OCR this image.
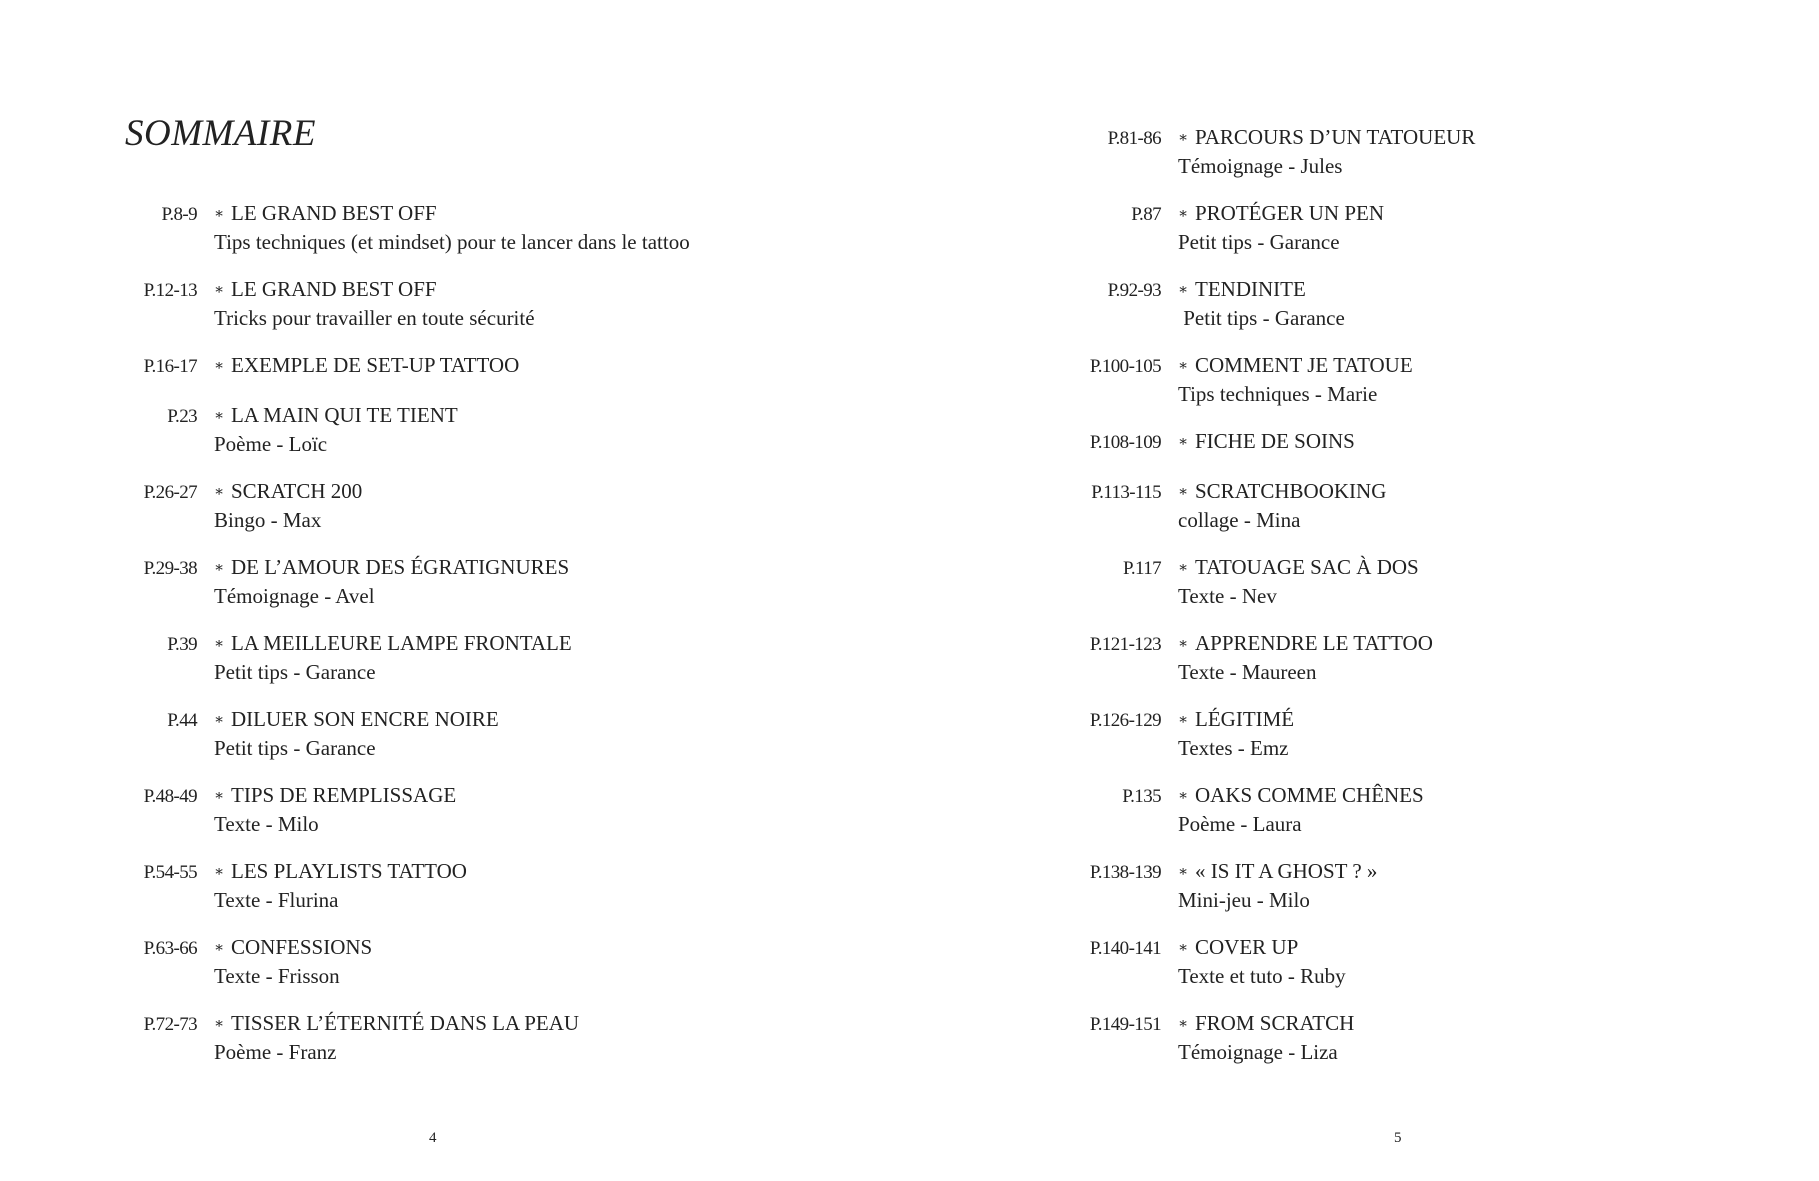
SOMMAIRE
P.8-9 ∗ LE GRAND BEST OFF
Tips techniques (et mindset) pour te lancer dans le tattoo
P.12-13 ∗ LE GRAND BEST OFF
Tricks pour travailler en toute sécurité
P.16-17 ∗ EXEMPLE DE SET-UP TATTOO
P.23 ∗ LA MAIN QUI TE TIENT
Poème - Loïc
P.26-27 ∗ SCRATCH 200
Bingo - Max
P.29-38 ∗ DE L’AMOUR DES ÉGRATIGNURES
Témoignage - Avel
P.39 ∗ LA MEILLEURE LAMPE FRONTALE
Petit tips - Garance
P.44 ∗ DILUER SON ENCRE NOIRE
Petit tips - Garance
P.48-49 ∗ TIPS DE REMPLISSAGE
Texte - Milo
P.54-55 ∗ LES PLAYLISTS TATTOO
Texte - Flurina
P.63-66 ∗ CONFESSIONS
Texte - Frisson
P.72-73 ∗ TISSER L’ÉTERNITÉ DANS LA PEAU
Poème - Franz
4
P.81-86 ∗ PARCOURS D’UN TATOUEUR
Témoignage - Jules
P.87 ∗ PROTÉGER UN PEN
Petit tips - Garance
P.92-93 ∗ TENDINITE
Petit tips - Garance
P.100-105 ∗ COMMENT JE TATOUE
Tips techniques - Marie
P.108-109 ∗ FICHE DE SOINS
P.113-115 ∗ SCRATCHBOOKING
collage - Mina
P.117 ∗ TATOUAGE SAC À DOS
Texte - Nev
P.121-123 ∗ APPRENDRE LE TATTOO
Texte - Maureen
P.126-129 ∗ LÉGITIMÉ
Textes - Emz
P.135 ∗ OAKS COMME CHÊNES
Poème - Laura
P.138-139 ∗ « IS IT A GHOST ? »
Mini-jeu - Milo
P.140-141 ∗ COVER UP
Texte et tuto - Ruby
P.149-151 ∗ FROM SCRATCH
Témoignage - Liza
5
